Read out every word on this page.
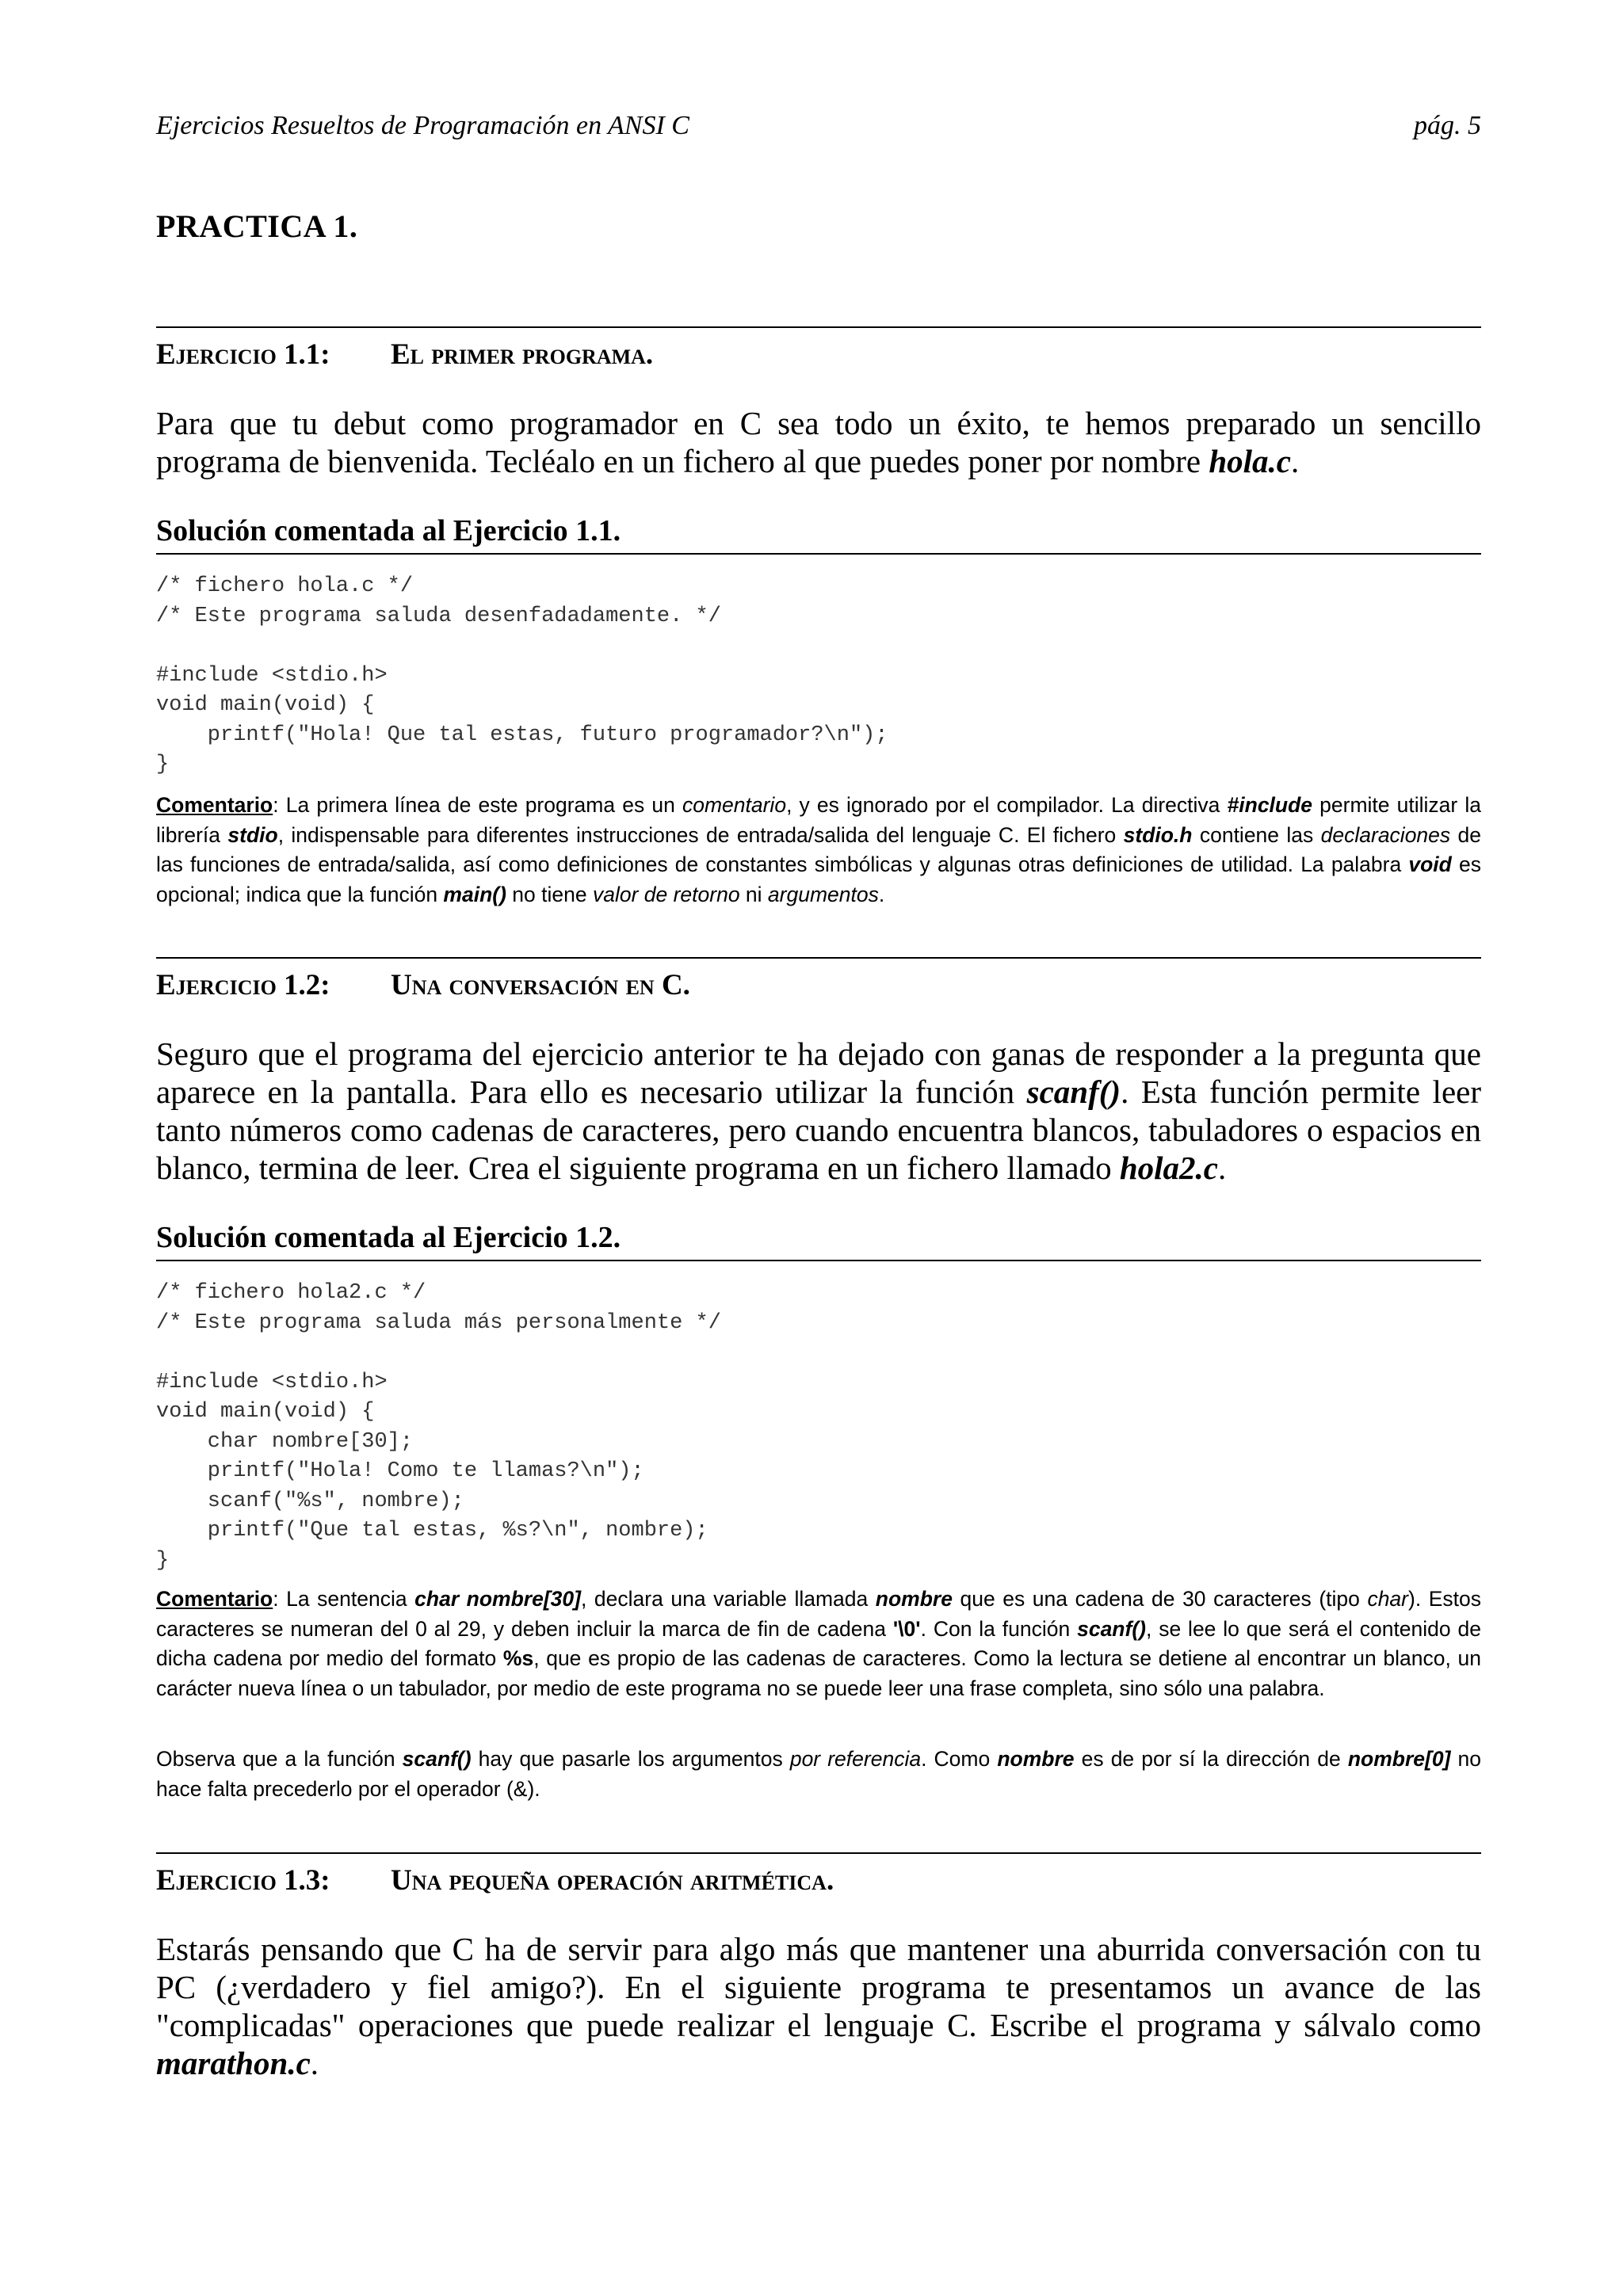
Ejercicios Resueltos de Programación en ANSI C	pág. 5
PRACTICA 1.
Ejercicio 1.1: El primer programa.
Para que tu debut como programador en C sea todo un éxito, te hemos preparado un sencillo programa de bienvenida. Tecléalo en un fichero al que puedes poner por nombre hola.c.
Solución comentada al Ejercicio 1.1.
/* fichero hola.c */
/* Este programa saluda desenfadadamente. */

#include <stdio.h>
void main(void) {
printf("Hola! Que tal estas, futuro programador?\n");
}
Comentario: La primera línea de este programa es un comentario, y es ignorado por el compilador. La directiva #include permite utilizar la librería stdio, indispensable para diferentes instrucciones de entrada/salida del lenguaje C. El fichero stdio.h contiene las declaraciones de las funciones de entrada/salida, así como definiciones de constantes simbólicas y algunas otras definiciones de utilidad. La palabra void es opcional; indica que la función main() no tiene valor de retorno ni argumentos.
Ejercicio 1.2: Una conversación en C.
Seguro que el programa del ejercicio anterior te ha dejado con ganas de responder a la pregunta que aparece en la pantalla. Para ello es necesario utilizar la función scanf(). Esta función permite leer tanto números como cadenas de caracteres, pero cuando encuentra blancos, tabuladores o espacios en blanco, termina de leer. Crea el siguiente programa en un fichero llamado hola2.c.
Solución comentada al Ejercicio 1.2.
/* fichero hola2.c */
/* Este programa saluda más personalmente */

#include <stdio.h>
void main(void) {
char nombre[30];
printf("Hola! Como te llamas?\n");
scanf("%s", nombre);
printf("Que tal estas, %s?\n", nombre);
}
Comentario: La sentencia char nombre[30], declara una variable llamada nombre que es una cadena de 30 caracteres (tipo char). Estos caracteres se numeran del 0 al 29, y deben incluir la marca de fin de cadena '\0'. Con la función scanf(), se lee lo que será el contenido de dicha cadena por medio del formato %s, que es propio de las cadenas de caracteres. Como la lectura se detiene al encontrar un blanco, un carácter nueva línea o un tabulador, por medio de este programa no se puede leer una frase completa, sino sólo una palabra.
Observa que a la función scanf() hay que pasarle los argumentos por referencia. Como nombre es de por sí la dirección de nombre[0] no hace falta precederlo por el operador (&).
Ejercicio 1.3: Una pequeña operación aritmética.
Estarás pensando que C ha de servir para algo más que mantener una aburrida conversación con tu PC (¿verdadero y fiel amigo?). En el siguiente programa te presentamos un avance de las "complicadas" operaciones que puede realizar el lenguaje C. Escribe el programa y sálvalo como marathon.c.
